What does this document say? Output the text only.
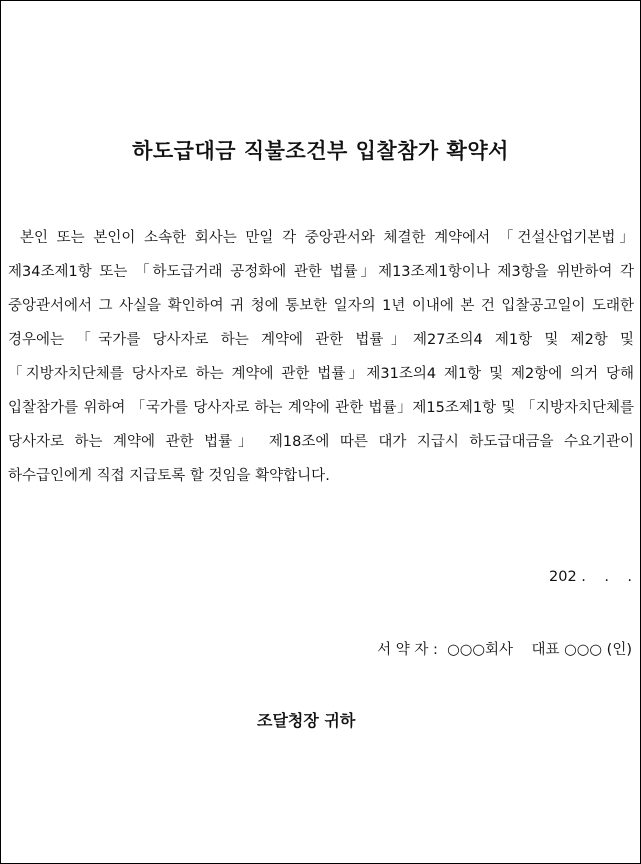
하도급대금 직불조건부 입찰참가 확약서
본인 또는 본인이 소속한 회사는 만일 각 중앙관서와 체결한 계약에서 「건설산업기본법」제34조제1항 또는 「하도급거래 공정화에 관한 법률」제13조제1항이나 제3항을 위반하여 각 중앙관서에서 그 사실을 확인하여 귀 청에 통보한 일자의 1년 이내에 본 건 입찰공고일이 도래한 경우에는 「국가를 당사자로 하는 계약에 관한 법률」제27조의4 제1항 및 제2항 및 「지방자치단체를 당사자로 하는 계약에 관한 법률」제31조의4 제1항 및 제2항에 의거 당해 입찰참가를 위하여 「국가를 당사자로 하는 계약에 관한 법률」제15조제1항 및 「지방자치단체를 당사자로 하는 계약에 관한 법률」 제18조에 따른 대가 지급시 하도급대금을 수요기관이 하수급인에게 직접 지급토록 할 것임을 확약합니다.
202 .    .    .
서 약 자 :  ○○○회사    대표 ○○○ (인)
조달청장 귀하
